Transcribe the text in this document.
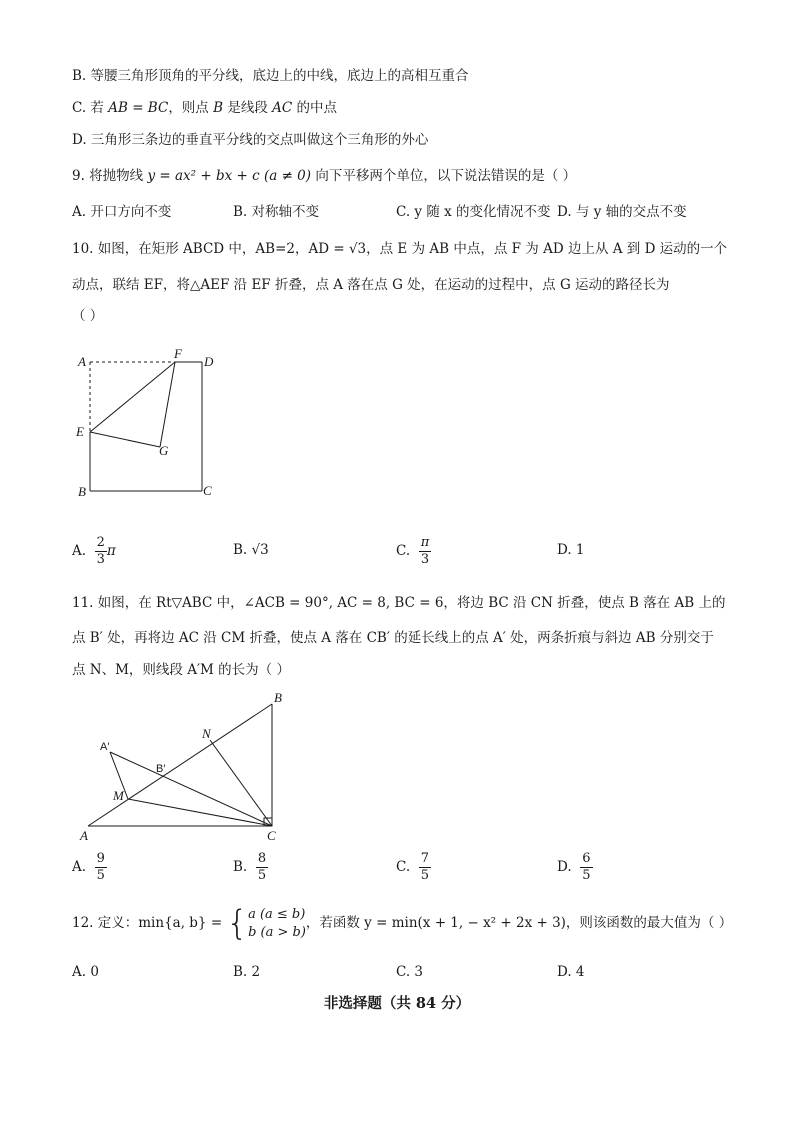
B. 等腰三角形顶角的平分线，底边上的中线，底边上的高相互重合
C. 若 AB = BC，则点 B 是线段 AC 的中点
D. 三角形三条边的垂直平分线的交点叫做这个三角形的外心
9. 将抛物线 y = ax² + bx + c (a ≠ 0) 向下平移两个单位，以下说法错误的是（ ）
A. 开口方向不变	B. 对称轴不变	C. y 随 x 的变化情况不变 D. 与 y 轴的交点不变
10. 如图，在矩形 ABCD 中，AB=2，AD = √3，点 E 为 AB 中点，点 F 为 AD 边上从 A 到 D 运动的一个
动点，联结 EF，将△AEF 沿 EF 折叠，点 A 落在点 G 处，在运动的过程中，点 G 运动的路径长为
（ ）
A
F
D
E
G
B	C
A. $\frac{2}{3}$ π	B. √3	C. $\frac{\pi}{3}$	D. 1
11. 如图，在 Rt▽ABC 中，∠ACB = 90°, AC = 8, BC = 6，将边 BC 沿 CN 折叠，使点 B 落在 AB 上的
点 B′ 处，再将边 AC 沿 CM 折叠，使点 A 落在 CB′ 的延长线上的点 A′ 处，两条折痕与斜边 AB 分别交于
点 N、M，则线段 A′M 的长为（ ）
B
N
A′
B′
M
A	C
A. $\frac{9}{5}$	B. $\frac{8}{5}$	C. $\frac{7}{5}$	D. $\frac{6}{5}$
12. 定义：min{a, b} = { a (a ≤ b)
b (a > b)
，若函数 y = min(x + 1, − x² + 2x + 3)，则该函数的最大值为（ ）
A. 0	B. 2	C. 3	D. 4
非选择题（共 84 分）
